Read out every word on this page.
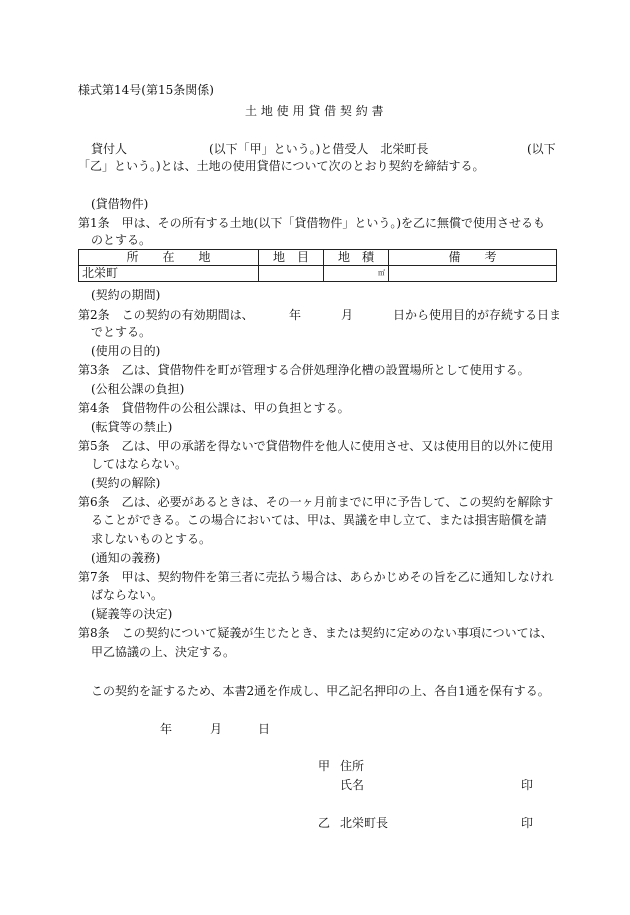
様式第14号(第15条関係)
土 地 使 用 貸 借 契 約 書
貸付人	(以下「甲」という。)と借受人　北栄町長	(以下
「乙」という。)とは、土地の使用貸借について次のとおり契約を締結する。
(貸借物件)
第1条　甲は、その所有する土地(以下「貸借物件」という。)を乙に無償で使用させるも
のとする。
所　　在　　地	地　目	地　積	備　　考
北栄町		㎡	
(契約の期間)
第2条　この契約の有効期間は、	年	月	日から使用目的が存続する日ま
でとする。
(使用の目的)
第3条　乙は、貸借物件を町が管理する合併処理浄化槽の設置場所として使用する。
(公租公課の負担)
第4条　貸借物件の公租公課は、甲の負担とする。
(転貸等の禁止)
第5条　乙は、甲の承諾を得ないで貸借物件を他人に使用させ、又は使用目的以外に使用
してはならない。
(契約の解除)
第6条　乙は、必要があるときは、その一ヶ月前までに甲に予告して、この契約を解除す
ることができる。この場合においては、甲は、異議を申し立て、または損害賠償を請
求しないものとする。
(通知の義務)
第7条　甲は、契約物件を第三者に売払う場合は、あらかじめその旨を乙に通知しなけれ
ばならない。
(疑義等の決定)
第8条　この契約について疑義が生じたとき、または契約に定めのない事項については、
甲乙協議の上、決定する。
この契約を証するため、本書2通を作成し、甲乙記名押印の上、各自1通を保有する。
年	月	日
甲 住所
氏名	印
乙 北栄町長	印
